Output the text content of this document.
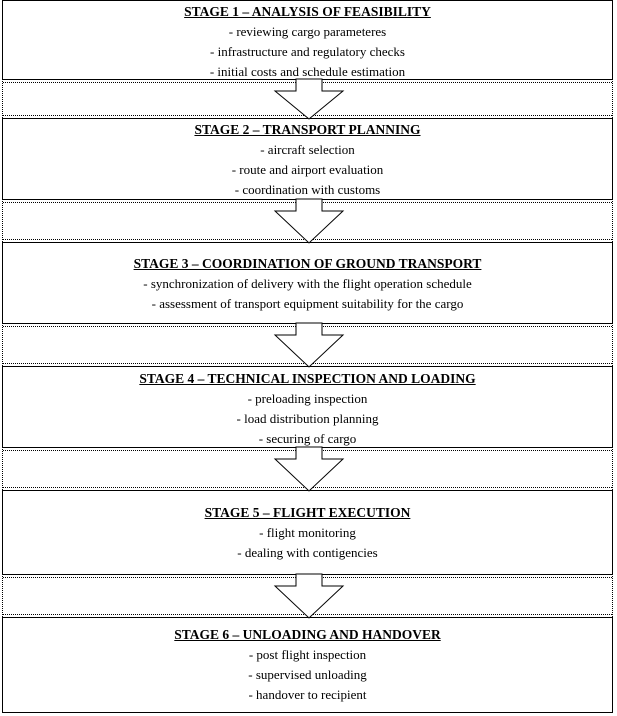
STAGE 1 – ANALYSIS OF FEASIBILITY
- reviewing cargo parameteres
- infrastructure and regulatory checks
- initial costs and schedule estimation
STAGE 2 – TRANSPORT PLANNING
- aircraft selection
- route and airport evaluation
- coordination with customs
STAGE 3 – COORDINATION OF GROUND TRANSPORT
- synchronization of delivery with the flight operation schedule
- assessment of transport equipment suitability for the cargo
STAGE 4 – TECHNICAL INSPECTION AND LOADING
- preloading inspection
- load distribution planning
- securing of cargo
STAGE 5 – FLIGHT EXECUTION
- flight monitoring
- dealing with contigencies
STAGE 6 – UNLOADING AND HANDOVER
- post flight inspection
- supervised unloading
- handover to recipient
